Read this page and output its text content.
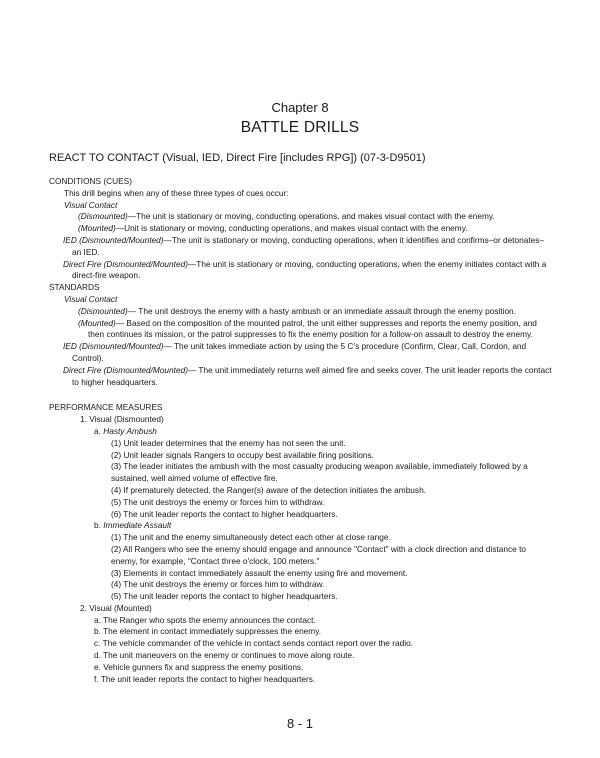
Chapter 8
BATTLE DRILLS
REACT TO CONTACT (Visual, IED, Direct Fire [includes RPG]) (07-3-D9501)
CONDITIONS (CUES)
This drill begins when any of these three types of cues occur:
Visual Contact
(Dismounted)—The unit is stationary or moving, conducting operations, and makes visual contact with the enemy.
(Mounted)—Unit is stationary or moving, conducting operations, and makes visual contact with the enemy.
IED (Dismounted/Mounted)—The unit is stationary or moving, conducting operations, when it identifies and confirms–or detonates–an IED.
Direct Fire (Dismounted/Mounted)—The unit is stationary or moving, conducting operations, when the enemy initiates contact with a direct-fire weapon.
STANDARDS
Visual Contact
(Dismounted)— The unit destroys the enemy with a hasty ambush or an immediate assault through the enemy position.
(Mounted)— Based on the composition of the mounted patrol, the unit either suppresses and reports the enemy position, and then continues its mission, or the patrol suppresses to fix the enemy position for a follow-on assault to destroy the enemy.
IED (Dismounted/Mounted)— The unit takes immediate action by using the 5 C’s procedure (Confirm, Clear, Call, Cordon, and Control).
Direct Fire (Dismounted/Mounted)— The unit immediately returns well aimed fire and seeks cover. The unit leader reports the contact to higher headquarters.
PERFORMANCE MEASURES
1. Visual (Dismounted)
a. Hasty Ambush
(1) Unit leader determines that the enemy has not seen the unit.
(2) Unit leader signals Rangers to occupy best available firing positions.
(3) The leader initiates the ambush with the most casualty producing weapon available, immediately followed by a sustained, well aimed volume of effective fire.
(4) If prematurely detected, the Ranger(s) aware of the detection initiates the ambush.
(5) The unit destroys the enemy or forces him to withdraw.
(6) The unit leader reports the contact to higher headquarters.
b. Immediate Assault
(1) The unit and the enemy simultaneously detect each other at close range.
(2) All Rangers who see the enemy should engage and announce "Contact" with a clock direction and distance to enemy, for example, "Contact three o'clock, 100 meters."
(3) Elements in contact immediately assault the enemy using fire and movement.
(4) The unit destroys the enemy or forces him to withdraw.
(5) The unit leader reports the contact to higher headquarters.
2. Visual (Mounted)
a. The Ranger who spots the enemy announces the contact.
b. The element in contact immediately suppresses the enemy.
c. The vehicle commander of the vehicle in contact sends contact report over the radio.
d. The unit maneuvers on the enemy or continues to move along route.
e. Vehicle gunners fix and suppress the enemy positions.
f. The unit leader reports the contact to higher headquarters.
8 - 1
